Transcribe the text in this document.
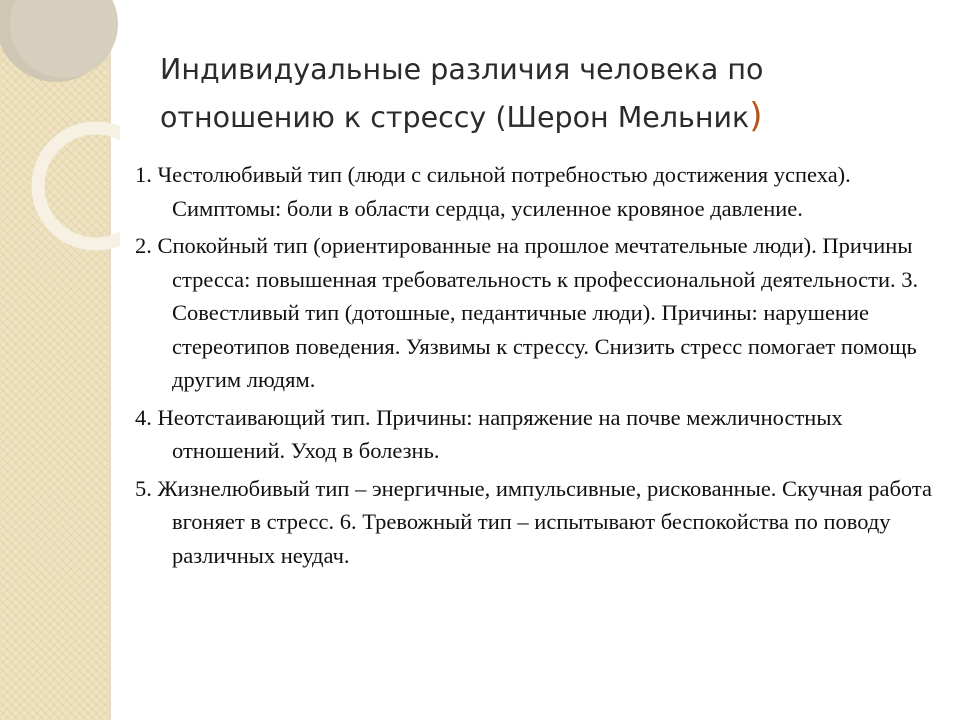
Индивидуальные различия человека по отношению к стрессу (Шерон Мельник)

1. Честолюбивый тип (люди с сильной потребностью достижения успеха). Симптомы: боли в области сердца, усиленное кровяное давление.

2. Спокойный тип (ориентированные на прошлое мечтательные люди). Причины стресса: повышенная требовательность к профессиональной деятельности. 3. Совестливый тип (дотошные, педантичные люди). Причины: нарушение стереотипов поведения. Уязвимы к стрессу. Снизить стресс помогает помощь другим людям.

4. Неотстаивающий тип. Причины: напряжение на почве межличностных отношений. Уход в болезнь.

5. Жизнелюбивый тип – энергичные, импульсивные, рискованные. Скучная работа вгоняет в стресс. 6. Тревожный тип – испытывают беспокойства по поводу различных неудач.
